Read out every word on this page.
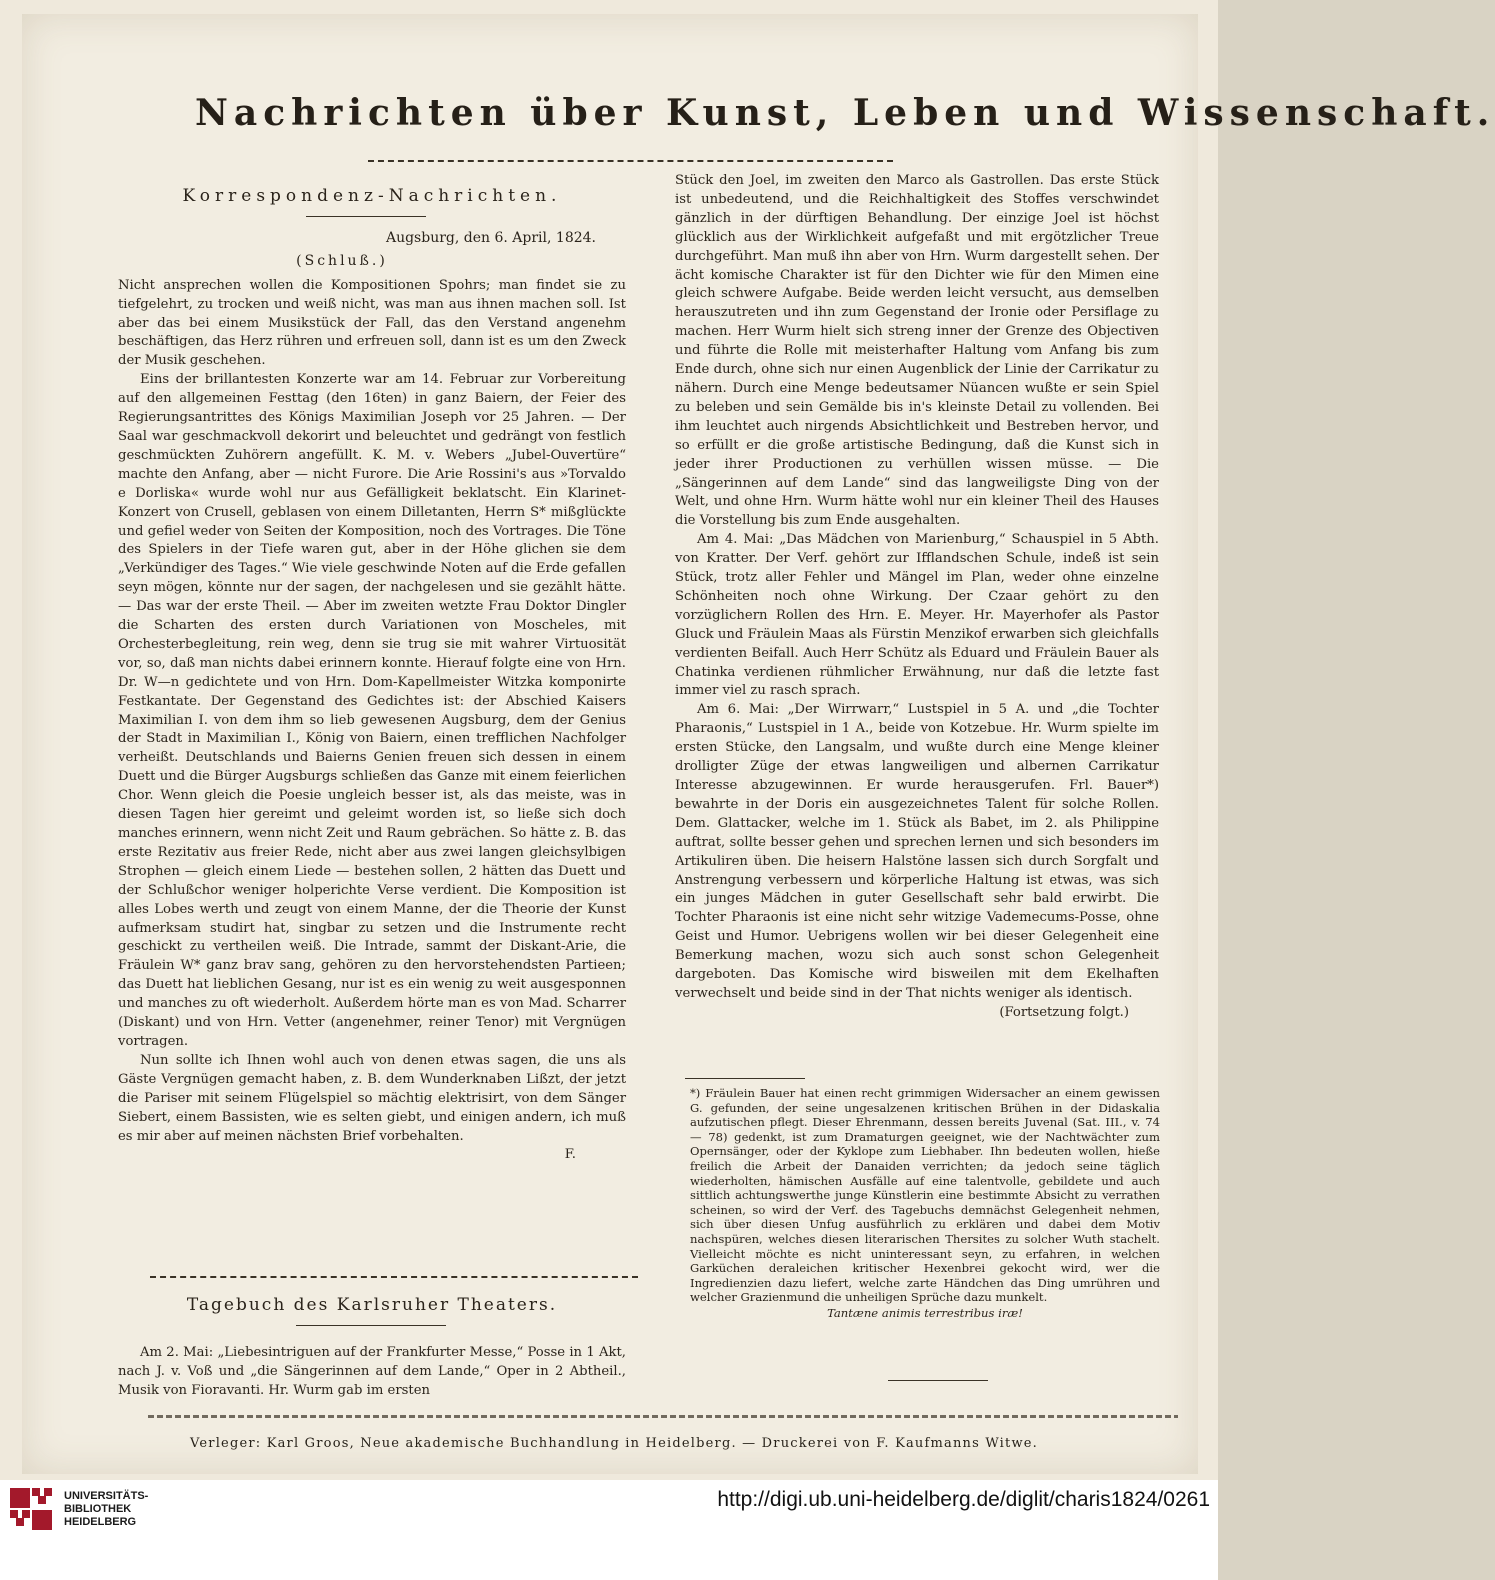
Nachrichten über Kunst, Leben und Wissenschaft.
Korrespondenz-Nachrichten.
Augsburg, den 6. April, 1824.
(Schluß.)

Nicht ansprechen wollen die Kompositionen Spohrs; man findet sie zu tiefgelehrt, zu trocken und weiß nicht, was man aus ihnen machen soll. Ist aber das bei einem Musikstück der Fall, das den Verstand angenehm beschäftigen, das Herz rühren und erfreuen soll, dann ist es um den Zweck der Musik geschehen.

Eins der brillantesten Konzerte war am 14. Februar zur Vorbereitung auf den allgemeinen Festtag (den 16ten) in ganz Baiern, der Feier des Regierungsantrittes des Königs Maximilian Joseph vor 25 Jahren. — Der Saal war geschmackvoll dekorirt und beleuchtet und gedrängt von festlich geschmückten Zuhörern angefüllt. K. M. v. Webers „Jubel-Ouvertüre“ machte den Anfang, aber — nicht Furore. Die Arie Rossini's aus »Torvaldo e Dorliska« wurde wohl nur aus Gefälligkeit beklatscht. Ein Klarinet-Konzert von Crusell, geblasen von einem Dilletanten, Herrn S* mißglückte und gefiel weder von Seiten der Komposition, noch des Vortrages. Die Töne des Spielers in der Tiefe waren gut, aber in der Höhe glichen sie dem „Verkündiger des Tages.“ Wie viele geschwinde Noten auf die Erde gefallen seyn mögen, könnte nur der sagen, der nachgelesen und sie gezählt hätte. — Das war der erste Theil. — Aber im zweiten wetzte Frau Doktor Dingler die Scharten des ersten durch Variationen von Moscheles, mit Orchesterbegleitung, rein weg, denn sie trug sie mit wahrer Virtuosität vor, so, daß man nichts dabei erinnern konnte. Hierauf folgte eine von Hrn. Dr. W—n gedichtete und von Hrn. Dom-Kapellmeister Witzka komponirte Festkantate. Der Gegenstand des Gedichtes ist: der Abschied Kaisers Maximilian I. von dem ihm so lieb gewesenen Augsburg, dem der Genius der Stadt in Maximilian I., König von Baiern, einen trefflichen Nachfolger verheißt. Deutschlands und Baierns Genien freuen sich dessen in einem Duett und die Bürger Augsburgs schließen das Ganze mit einem feierlichen Chor. Wenn gleich die Poesie ungleich besser ist, als das meiste, was in diesen Tagen hier gereimt und geleimt worden ist, so ließe sich doch manches erinnern, wenn nicht Zeit und Raum gebrächen. So hätte z. B. das erste Rezitativ aus freier Rede, nicht aber aus zwei langen gleichsylbigen Strophen — gleich einem Liede — bestehen sollen, 2 hätten das Duett und der Schlußchor weniger holperichte Verse verdient. Die Komposition ist alles Lobes werth und zeugt von einem Manne, der die Theorie der Kunst aufmerksam studirt hat, singbar zu setzen und die Instrumente recht geschickt zu vertheilen weiß. Die Intrade, sammt der Diskant-Arie, die Fräulein W* ganz brav sang, gehören zu den hervorstehendsten Partieen; das Duett hat lieblichen Gesang, nur ist es ein wenig zu weit ausgesponnen und manches zu oft wiederholt. Außerdem hörte man es von Mad. Scharrer (Diskant) und von Hrn. Vetter (angenehmer, reiner Tenor) mit Vergnügen vortragen.

Nun sollte ich Ihnen wohl auch von denen etwas sagen, die uns als Gäste Vergnügen gemacht haben, z. B. dem Wunderknaben Lißzt, der jetzt die Pariser mit seinem Flügelspiel so mächtig elektrisirt, von dem Sänger Siebert, einem Bassisten, wie es selten giebt, und einigen andern, ich muß es mir aber auf meinen nächsten Brief vorbehalten.

F.
Tagebuch des Karlsruher Theaters.

Am 2. Mai: „Liebesintriguen auf der Frankfurter Messe,“ Posse in 1 Akt, nach J. v. Voß und „die Sängerinnen auf dem Lande,“ Oper in 2 Abtheil., Musik von Fioravanti. Hr. Wurm gab im ersten

Stück den Joel, im zweiten den Marco als Gastrollen. Das erste Stück ist unbedeutend, und die Reichhaltigkeit des Stoffes verschwindet gänzlich in der dürftigen Behandlung. Der einzige Joel ist höchst glücklich aus der Wirklichkeit aufgefaßt und mit ergötzlicher Treue durchgeführt. Man muß ihn aber von Hrn. Wurm dargestellt sehen. Der ächt komische Charakter ist für den Dichter wie für den Mimen eine gleich schwere Aufgabe. Beide werden leicht versucht, aus demselben herauszutreten und ihn zum Gegenstand der Ironie oder Persiflage zu machen. Herr Wurm hielt sich streng inner der Grenze des Objectiven und führte die Rolle mit meisterhafter Haltung vom Anfang bis zum Ende durch, ohne sich nur einen Augenblick der Linie der Carrikatur zu nähern. Durch eine Menge bedeutsamer Nüancen wußte er sein Spiel zu beleben und sein Gemälde bis in's kleinste Detail zu vollenden. Bei ihm leuchtet auch nirgends Absichtlichkeit und Bestreben hervor, und so erfüllt er die große artistische Bedingung, daß die Kunst sich in jeder ihrer Productionen zu verhüllen wissen müsse. — Die „Sängerinnen auf dem Lande“ sind das langweiligste Ding von der Welt, und ohne Hrn. Wurm hätte wohl nur ein kleiner Theil des Hauses die Vorstellung bis zum Ende ausgehalten.

Am 4. Mai: „Das Mädchen von Marienburg,“ Schauspiel in 5 Abth. von Kratter. Der Verf. gehört zur Ifflandschen Schule, indeß ist sein Stück, trotz aller Fehler und Mängel im Plan, weder ohne einzelne Schönheiten noch ohne Wirkung. Der Czaar gehört zu den vorzüglichern Rollen des Hrn. E. Meyer. Hr. Mayerhofer als Pastor Gluck und Fräulein Maas als Fürstin Menzikof erwarben sich gleichfalls verdienten Beifall. Auch Herr Schütz als Eduard und Fräulein Bauer als Chatinka verdienen rühmlicher Erwähnung, nur daß die letzte fast immer viel zu rasch sprach.

Am 6. Mai: „Der Wirrwarr,“ Lustspiel in 5 A. und „die Tochter Pharaonis,“ Lustspiel in 1 A., beide von Kotzebue. Hr. Wurm spielte im ersten Stücke, den Langsalm, und wußte durch eine Menge kleiner drolligter Züge der etwas langweiligen und albernen Carrikatur Interesse abzugewinnen. Er wurde herausgerufen. Frl. Bauer*) bewahrte in der Doris ein ausgezeichnetes Talent für solche Rollen. Dem. Glattacker, welche im 1. Stück als Babet, im 2. als Philippine auftrat, sollte besser gehen und sprechen lernen und sich besonders im Artikuliren üben. Die heisern Halstöne lassen sich durch Sorgfalt und Anstrengung verbessern und körperliche Haltung ist etwas, was sich ein junges Mädchen in guter Gesellschaft sehr bald erwirbt. Die Tochter Pharaonis ist eine nicht sehr witzige Vademecums-Posse, ohne Geist und Humor. Uebrigens wollen wir bei dieser Gelegenheit eine Bemerkung machen, wozu sich auch sonst schon Gelegenheit dargeboten. Das Komische wird bisweilen mit dem Ekelhaften verwechselt und beide sind in der That nichts weniger als identisch.

(Fortsetzung folgt.)

*) Fräulein Bauer hat einen recht grimmigen Widersacher an einem gewissen G. gefunden, der seine ungesalzenen kritischen Brühen in der Didaskalia aufzutischen pflegt. Dieser Ehrenmann, dessen bereits Juvenal (Sat. III., v. 74 — 78) gedenkt, ist zum Dramaturgen geeignet, wie der Nachtwächter zum Opernsänger, oder der Kyklope zum Liebhaber. Ihn bedeuten wollen, hieße freilich die Arbeit der Danaiden verrichten; da jedoch seine täglich wiederholten, hämischen Ausfälle auf eine talentvolle, gebildete und auch sittlich achtungswerthe junge Künstlerin eine bestimmte Absicht zu verrathen scheinen, so wird der Verf. des Tagebuchs demnächst Gelegenheit nehmen, sich über diesen Unfug ausführlich zu erklären und dabei dem Motiv nachspüren, welches diesen literarischen Thersites zu solcher Wuth stachelt. Vielleicht möchte es nicht uninteressant seyn, zu erfahren, in welchen Garküchen deraleichen kritischer Hexenbrei gekocht wird, wer die Ingredienzien dazu liefert, welche zarte Händchen das Ding umrühren und welcher Grazienmund die unheiligen Sprüche dazu munkelt.

Tantæne animis terrestribus iræ!
Verleger: Karl Groos, Neue akademische Buchhandlung in Heidelberg. — Druckerei von F. Kaufmanns Witwe.
UNIVERSITÄTS-
BIBLIOTHEK
HEIDELBERG
http://digi.ub.uni-heidelberg.de/diglit/charis1824/0261
